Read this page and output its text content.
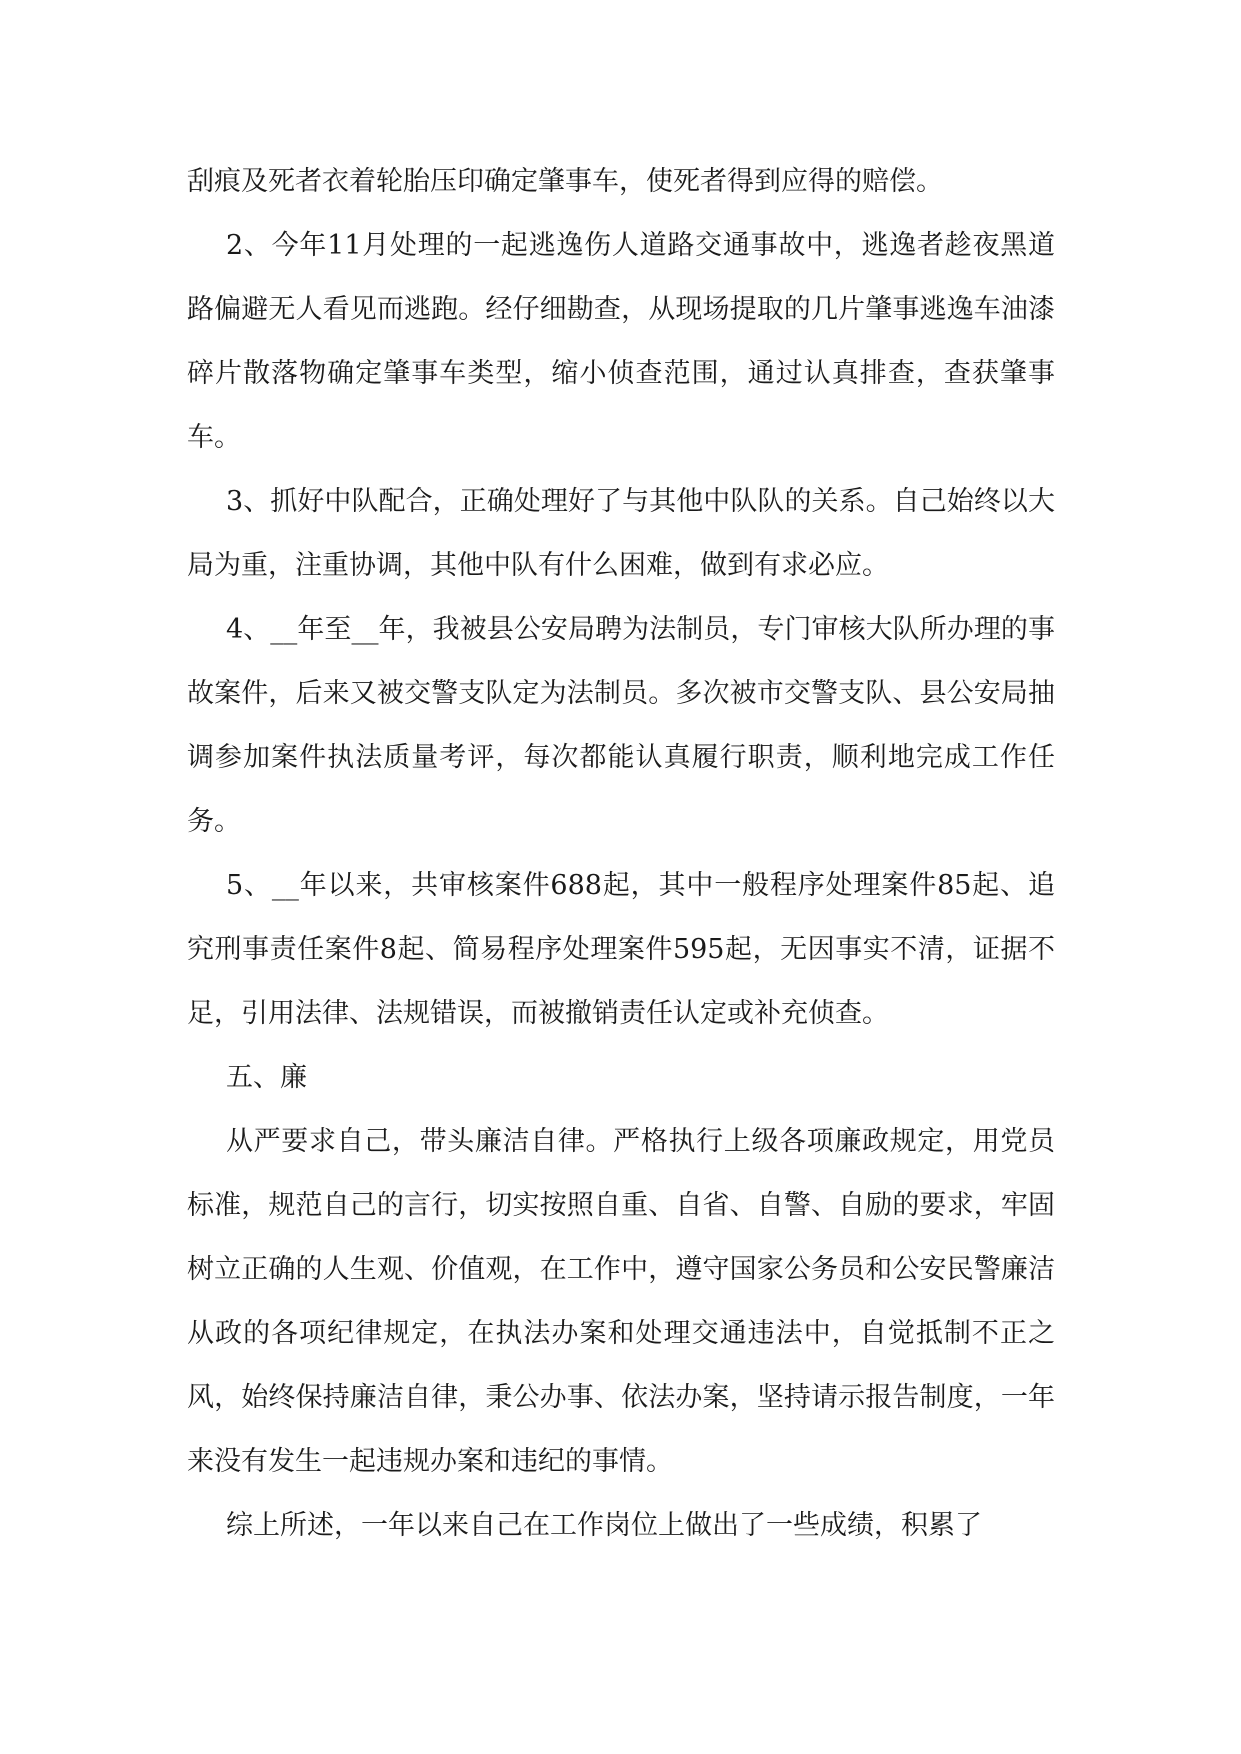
刮痕及死者衣着轮胎压印确定肇事车，使死者得到应得的赔偿。

2、今年11月处理的一起逃逸伤人道路交通事故中，逃逸者趁夜黑道路偏避无人看见而逃跑。经仔细勘查，从现场提取的几片肇事逃逸车油漆碎片散落物确定肇事车类型，缩小侦查范围，通过认真排查，查获肇事车。

3、抓好中队配合，正确处理好了与其他中队队的关系。自己始终以大局为重，注重协调，其他中队有什么困难，做到有求必应。

4、__年至__年，我被县公安局聘为法制员，专门审核大队所办理的事故案件，后来又被交警支队定为法制员。多次被市交警支队、县公安局抽调参加案件执法质量考评，每次都能认真履行职责，顺利地完成工作任务。

5、__年以来，共审核案件688起，其中一般程序处理案件85起、追究刑事责任案件8起、简易程序处理案件595起，无因事实不清，证据不足，引用法律、法规错误，而被撤销责任认定或补充侦查。

五、廉

从严要求自己，带头廉洁自律。严格执行上级各项廉政规定，用党员标准，规范自己的言行，切实按照自重、自省、自警、自励的要求，牢固树立正确的人生观、价值观，在工作中，遵守国家公务员和公安民警廉洁从政的各项纪律规定，在执法办案和处理交通违法中，自觉抵制不正之风，始终保持廉洁自律，秉公办事、依法办案，坚持请示报告制度，一年来没有发生一起违规办案和违纪的事情。

综上所述，一年以来自己在工作岗位上做出了一些成绩，积累了
